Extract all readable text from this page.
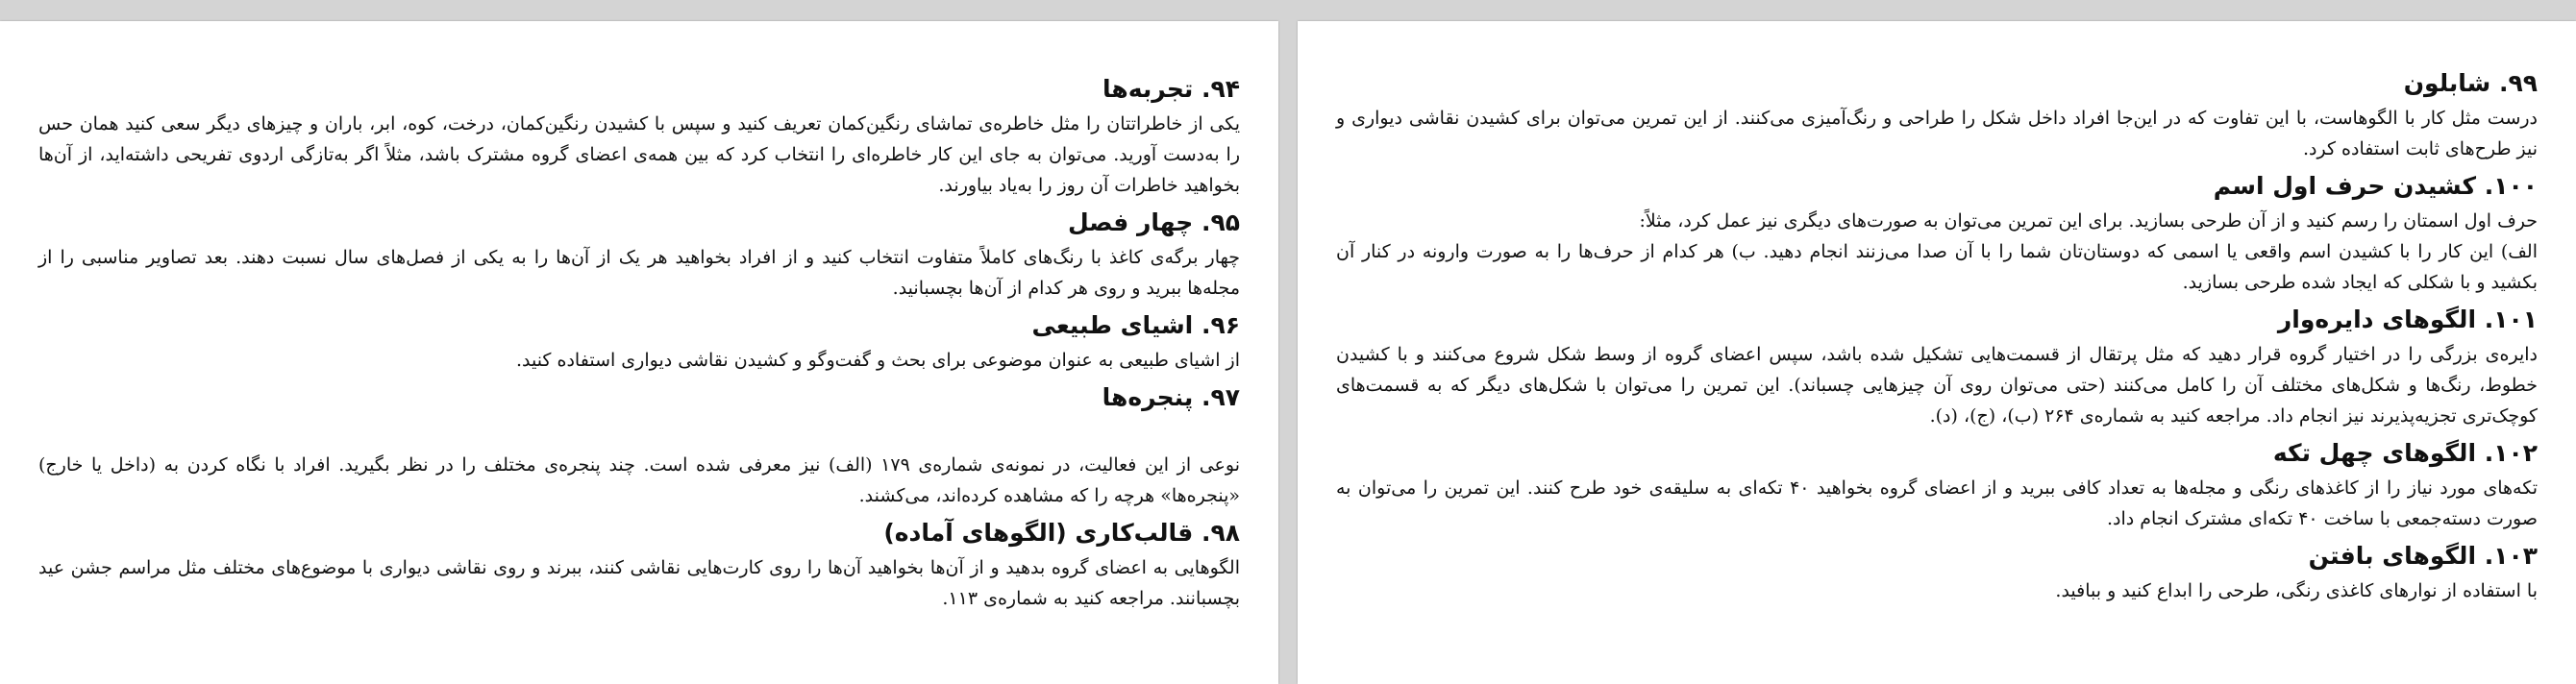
۹۴. تجربه‌ها

یکی از خاطراتتان را مثل خاطره‌ی تماشای رنگین‌کمان تعریف کنید و سپس با کشیدن رنگین‌کمان، درخت، کوه، ابر، باران و چیزهای دیگر سعی کنید همان حس را به‌دست آورید. می‌توان به جای این کار خاطره‌ای را انتخاب کرد که بین همه‌ی اعضای گروه مشترک باشد، مثلاً اگر به‌تازگی اردوی تفریحی داشته‌اید، از آن‌ها بخواهید خاطرات آن روز را به‌یاد بیاورند.

۹۵. چهار فصل

چهار برگه‌ی کاغذ با رنگ‌های کاملاً متفاوت انتخاب کنید و از افراد بخواهید هر یک از آن‌ها را به یکی از فصل‌های سال نسبت دهند. بعد تصاویر مناسبی را از مجله‌ها ببرید و روی هر کدام از آن‌ها بچسبانید.

۹۶. اشیای طبیعی

از اشیای طبیعی به عنوان موضوعی برای بحث و گفت‌وگو و کشیدن نقاشی دیواری استفاده کنید.

۹۷. پنجره‌ها

نوعی از این فعالیت، در نمونه‌ی شماره‌ی ۱۷۹ (الف) نیز معرفی شده است. چند پنجره‌ی مختلف را در نظر بگیرید. افراد با نگاه کردن به (داخل یا خارج) «پنجره‌ها» هرچه را که مشاهده کرده‌اند، می‌کشند.

۹۸. قالب‌کاری (الگوهای آماده)

الگوهایی به اعضای گروه بدهید و از آن‌ها بخواهید آن‌ها را روی کارت‌هایی نقاشی کنند، ببرند و روی نقاشی دیواری با موضوع‌های مختلف مثل مراسم جشن عید بچسبانند. مراجعه کنید به شماره‌ی ۱۱۳.

۹۹. شابلون

درست مثل کار با الگوهاست، با این تفاوت که در این‌جا افراد داخل شکل را طراحی و رنگ‌آمیزی می‌کنند. از این تمرین می‌توان برای کشیدن نقاشی دیواری و نیز طرح‌های ثابت استفاده کرد.

۱۰۰. کشیدن حرف اول اسم

حرف اول اسمتان را رسم کنید و از آن طرحی بسازید. برای این تمرین می‌توان به صورت‌های دیگری نیز عمل کرد، مثلاً:

الف) این کار را با کشیدن اسم واقعی یا اسمی که دوستان‌تان شما را با آن صدا می‌زنند انجام دهید. ب) هر کدام از حرف‌ها را به صورت وارونه در کنار آن بکشید و با شکلی که ایجاد شده طرحی بسازید.

۱۰۱. الگوهای دایره‌وار

دایره‌ی بزرگی را در اختیار گروه قرار دهید که مثل پرتقال از قسمت‌هایی تشکیل شده باشد، سپس اعضای گروه از وسط شکل شروع می‌کنند و با کشیدن خطوط، رنگ‌ها و شکل‌های مختلف آن را کامل می‌کنند (حتی می‌توان روی آن چیزهایی چسباند). این تمرین را می‌توان با شکل‌های دیگر که به قسمت‌های کوچک‌تری تجزیه‌پذیرند نیز انجام داد. مراجعه کنید به شماره‌ی ۲۶۴ (ب)، (ج)، (د).

۱۰۲. الگوهای چهل تکه

تکه‌های مورد نیاز را از کاغذهای رنگی و مجله‌ها به تعداد کافی ببرید و از اعضای گروه بخواهید ۴۰ تکه‌ای به سلیقه‌ی خود طرح کنند. این تمرین را می‌توان به صورت دسته‌جمعی با ساخت ۴۰ تکه‌ای مشترک انجام داد.

۱۰۳. الگوهای بافتن

با استفاده از نوارهای کاغذی رنگی، طرحی را ابداع کنید و ببافید.
